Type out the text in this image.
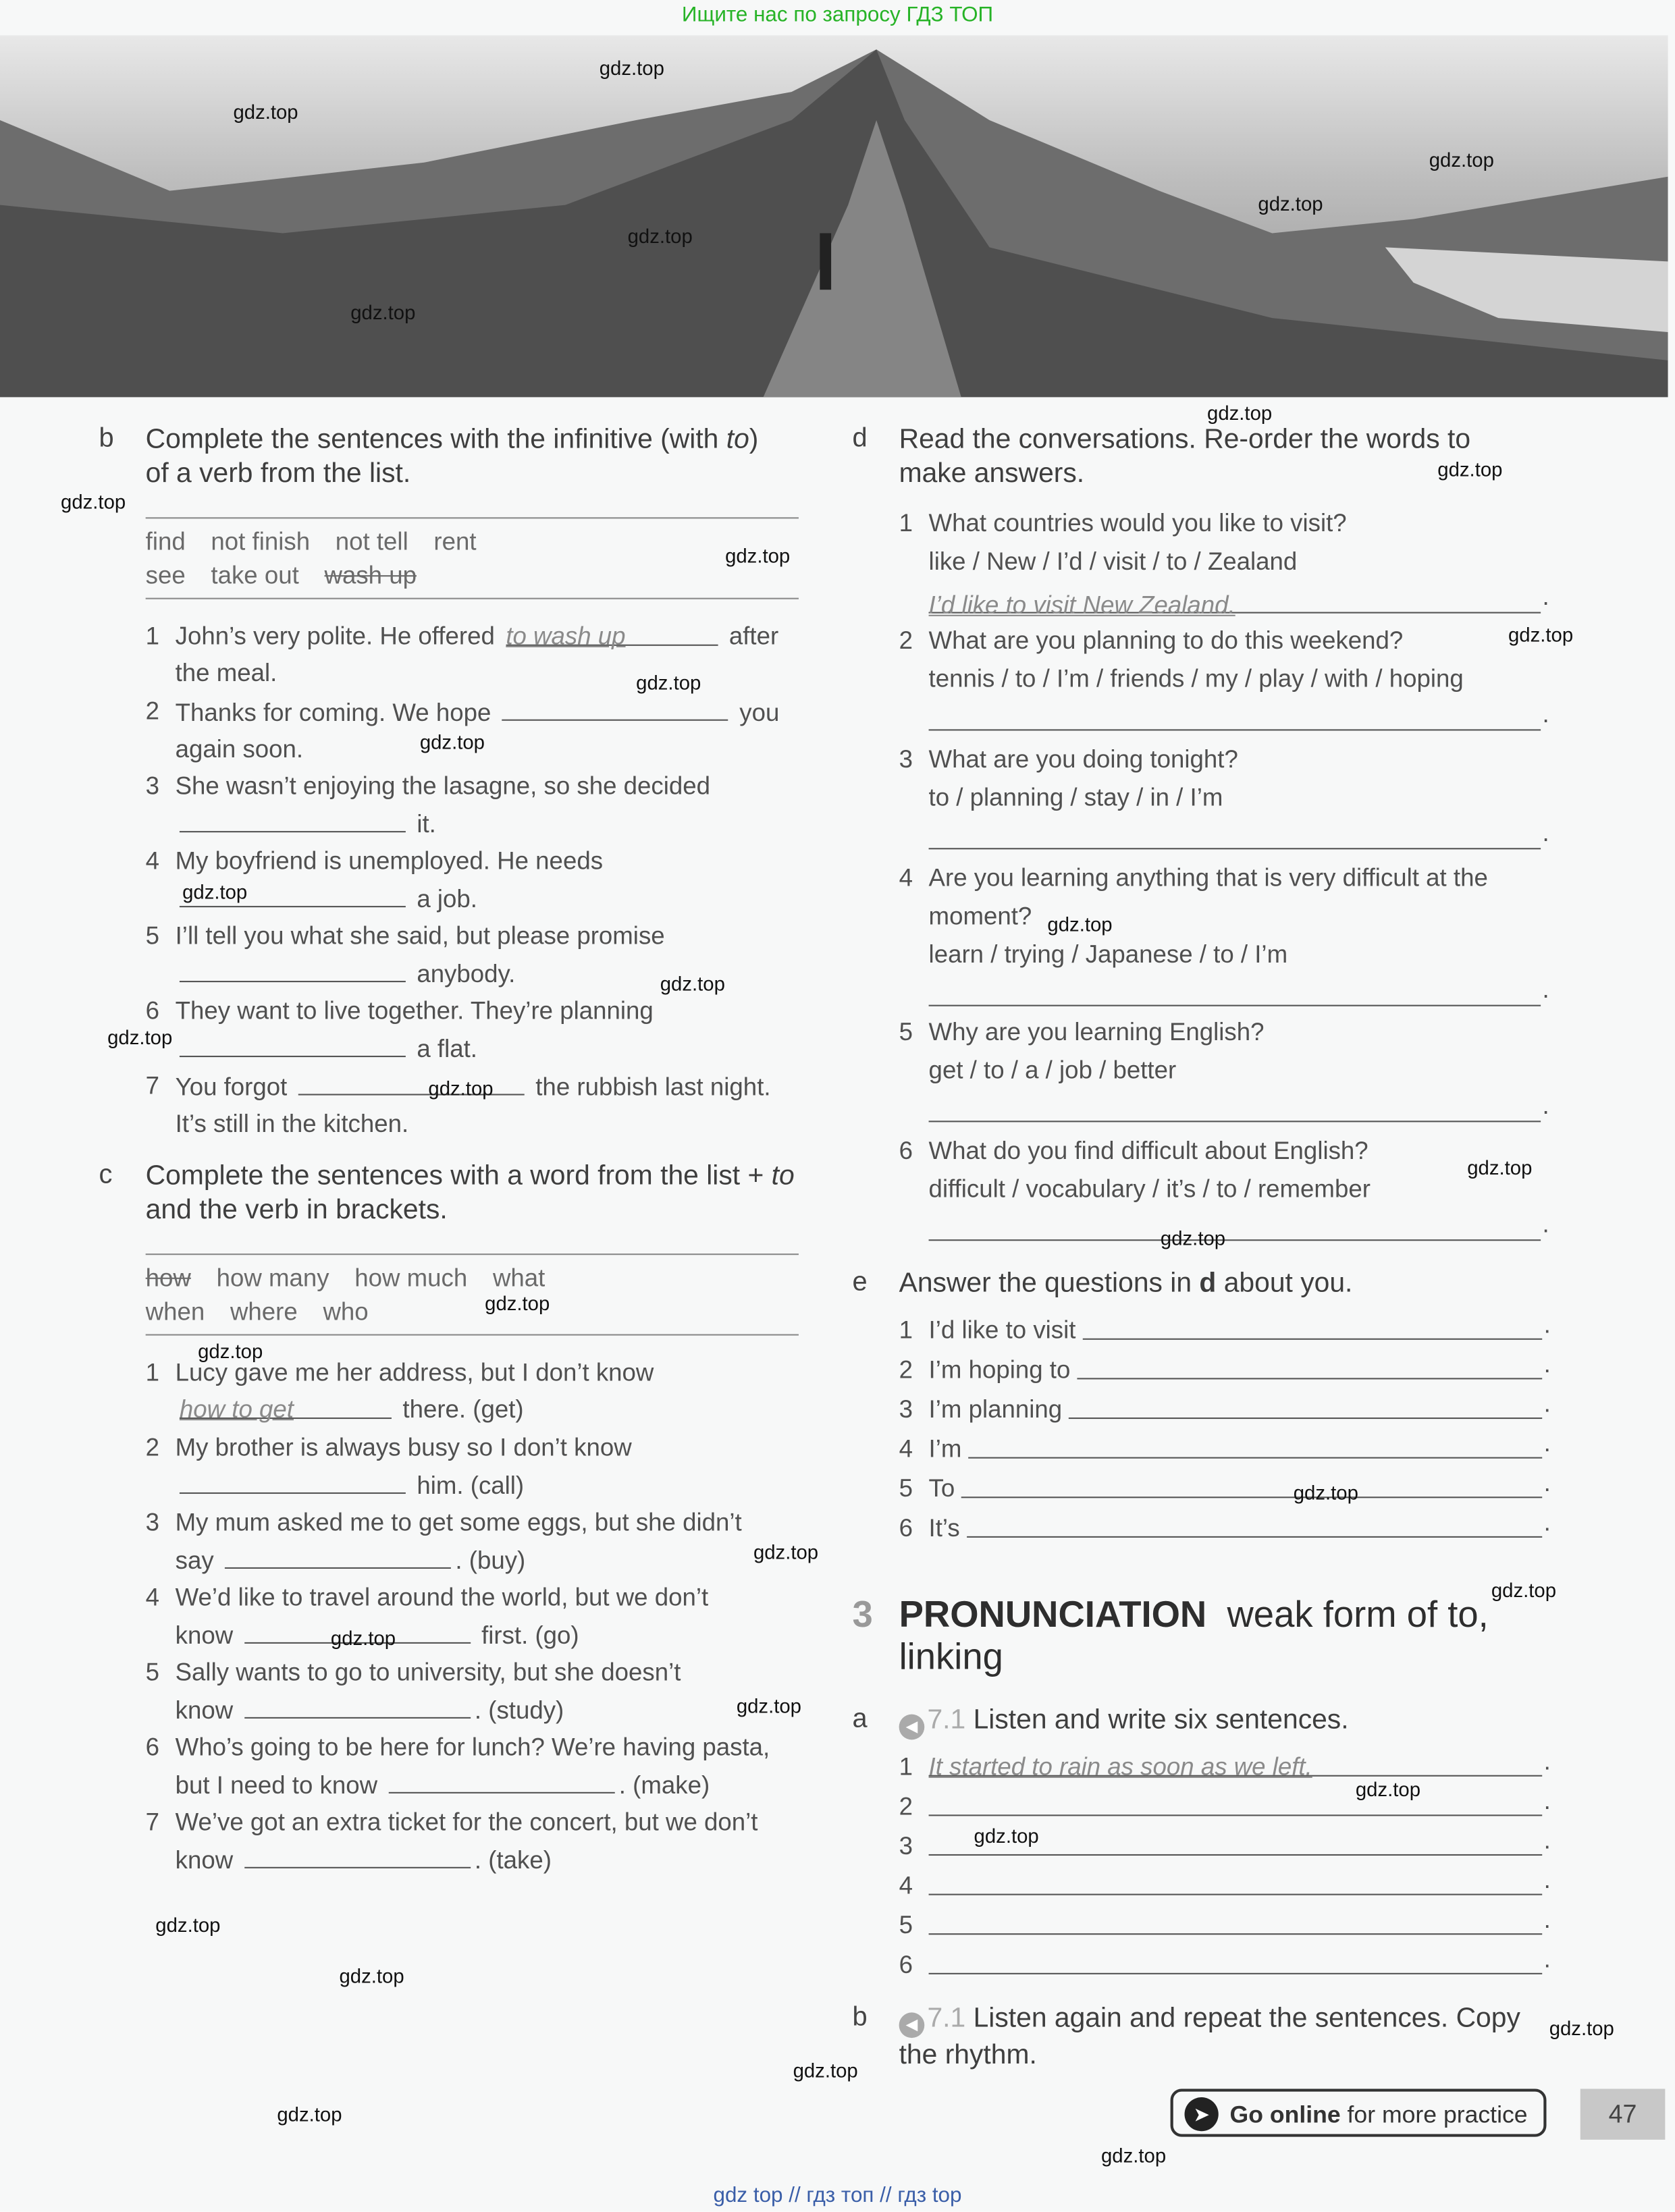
Ищите нас по запросу ГДЗ ТОП
b Complete the sentences with the infinitive (with to) of a verb from the list.
find not finish not tell rent
see take out wash up
1 John’s very polite. He offered to wash up	after
the meal.
2 Thanks for coming. We hope	you
again soon.
3 She wasn’t enjoying the lasagne, so she decided
it.
4 My boyfriend is unemployed. He needs
a job.
5 I’ll tell you what she said, but please promise
anybody.
6 They want to live together. They’re planning
a flat.
7 You forgot	the rubbish last night.
It’s still in the kitchen.
c	Complete the sentences with a word from the list + to and the verb in brackets.
how how many how much what
when where who
1 Lucy gave me her address, but I don’t know
how to get	there. (get)
2 My brother is always busy so I don’t know
him. (call)
3 My mum asked me to get some eggs, but she didn’t
say	. (buy)
4 We’d like to travel around the world, but we don’t
know	first. (go)
5 Sally wants to go to university, but she doesn’t
know	. (study)
6 Who’s going to be here for lunch? We’re having pasta,
but I need to know	. (make)
7 We’ve got an extra ticket for the concert, but we don’t
know	. (take)
d Read the conversations. Re-order the words to make answers.
1 What countries would you like to visit?
like / New / I’d / visit / to / Zealand
I’d like to visit New Zealand. .
2 What are you planning to do this weekend?
tennis / to / I’m / friends / my / play / with / hoping
.
3 What are you doing tonight?
to / planning / stay / in / I’m
.
4 Are you learning anything that is very difficult at the moment?
learn / trying / Japanese / to / I’m
.
5 Why are you learning English?
get / to / a / job / better
.
6 What do you find difficult about English?
difficult / vocabulary / it’s / to / remember
.
e Answer the questions in d about you.
1 I’d like to visit
.
2 I’m hoping to
.
3 I’m planning
.
4 I’m
.
5 To
.
6 It’s
.
3 PRONUNCIATION weak form of to, linking
a	◀ 7.1 Listen and write six sentences.
1 It started to rain as soon as we left. .
2
.
3
.
4
.
5
.
6
.
b	◀ 7.1 Listen again and repeat the sentences. Copy the rhythm.
➤	Go online for more practice	47
gdz.top
gdz.top
gdz.top
gdz.top
gdz.top
gdz.top
gdz.top
gdz.top
gdz.top
gdz.top
gdz.top
gdz.top
gdz.top
gdz.top
gdz.top
gdz.top
gdz.top
gdz.top
gdz.top
gdz.top
gdz.top
gdz.top
gdz.top
gdz.top
gdz.top
gdz.top
gdz.top
gdz.top
gdz.top
gdz.top
gdz.top
gdz.top
gdz.top
gdz.top
gdz.top
gdz top // гдз топ // гдз top
